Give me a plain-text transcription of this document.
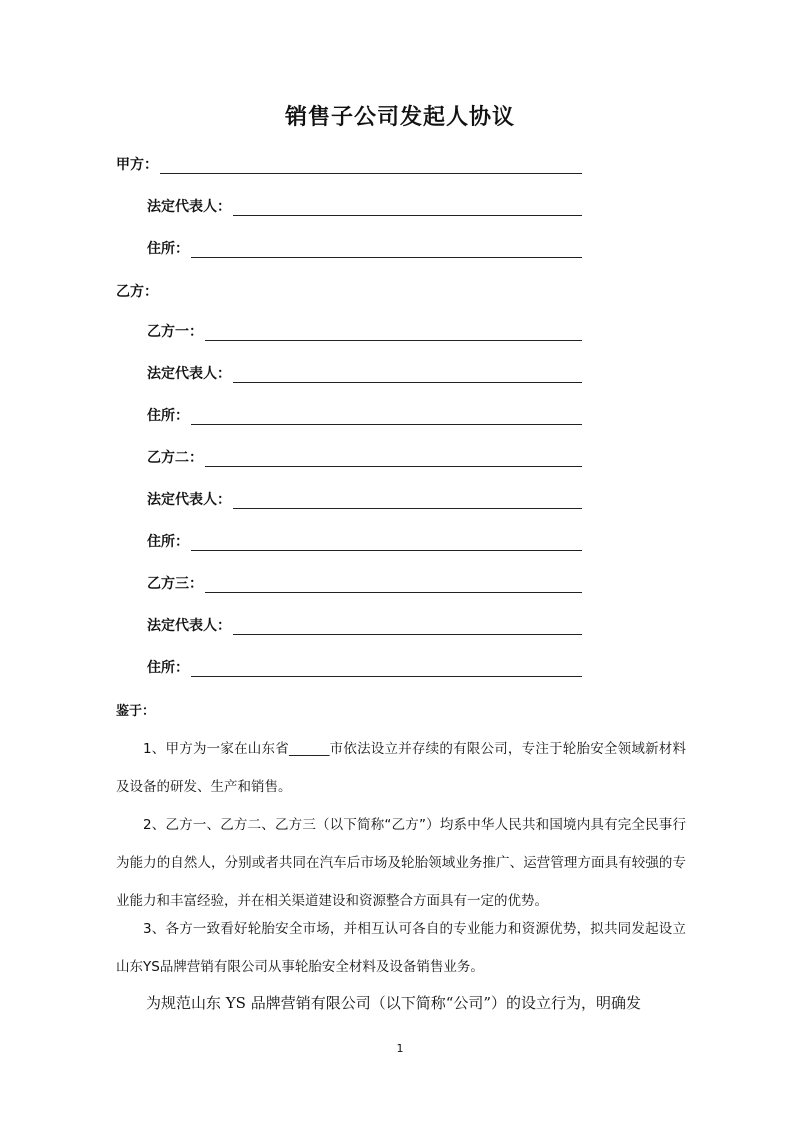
销售子公司发起人协议
甲方：
法定代表人：
住所：
乙方：
乙方一：
法定代表人：
住所：
乙方二：
法定代表人：
住所：
乙方三：
法定代表人：
住所：
鉴于：
1、甲方为一家在山东省______市依法设立并存续的有限公司，专注于轮胎安全领域新材料及设备的研发、生产和销售。
2、乙方一、乙方二、乙方三（以下简称“乙方”）均系中华人民共和国境内具有完全民事行为能力的自然人，分别或者共同在汽车后市场及轮胎领域业务推广、运营管理方面具有较强的专业能力和丰富经验，并在相关渠道建设和资源整合方面具有一定的优势。
3、各方一致看好轮胎安全市场，并相互认可各自的专业能力和资源优势，拟共同发起设立山东YS品牌营销有限公司从事轮胎安全材料及设备销售业务。
为规范山东 YS 品牌营销有限公司（以下简称“公司”）的设立行为，明确发
1
